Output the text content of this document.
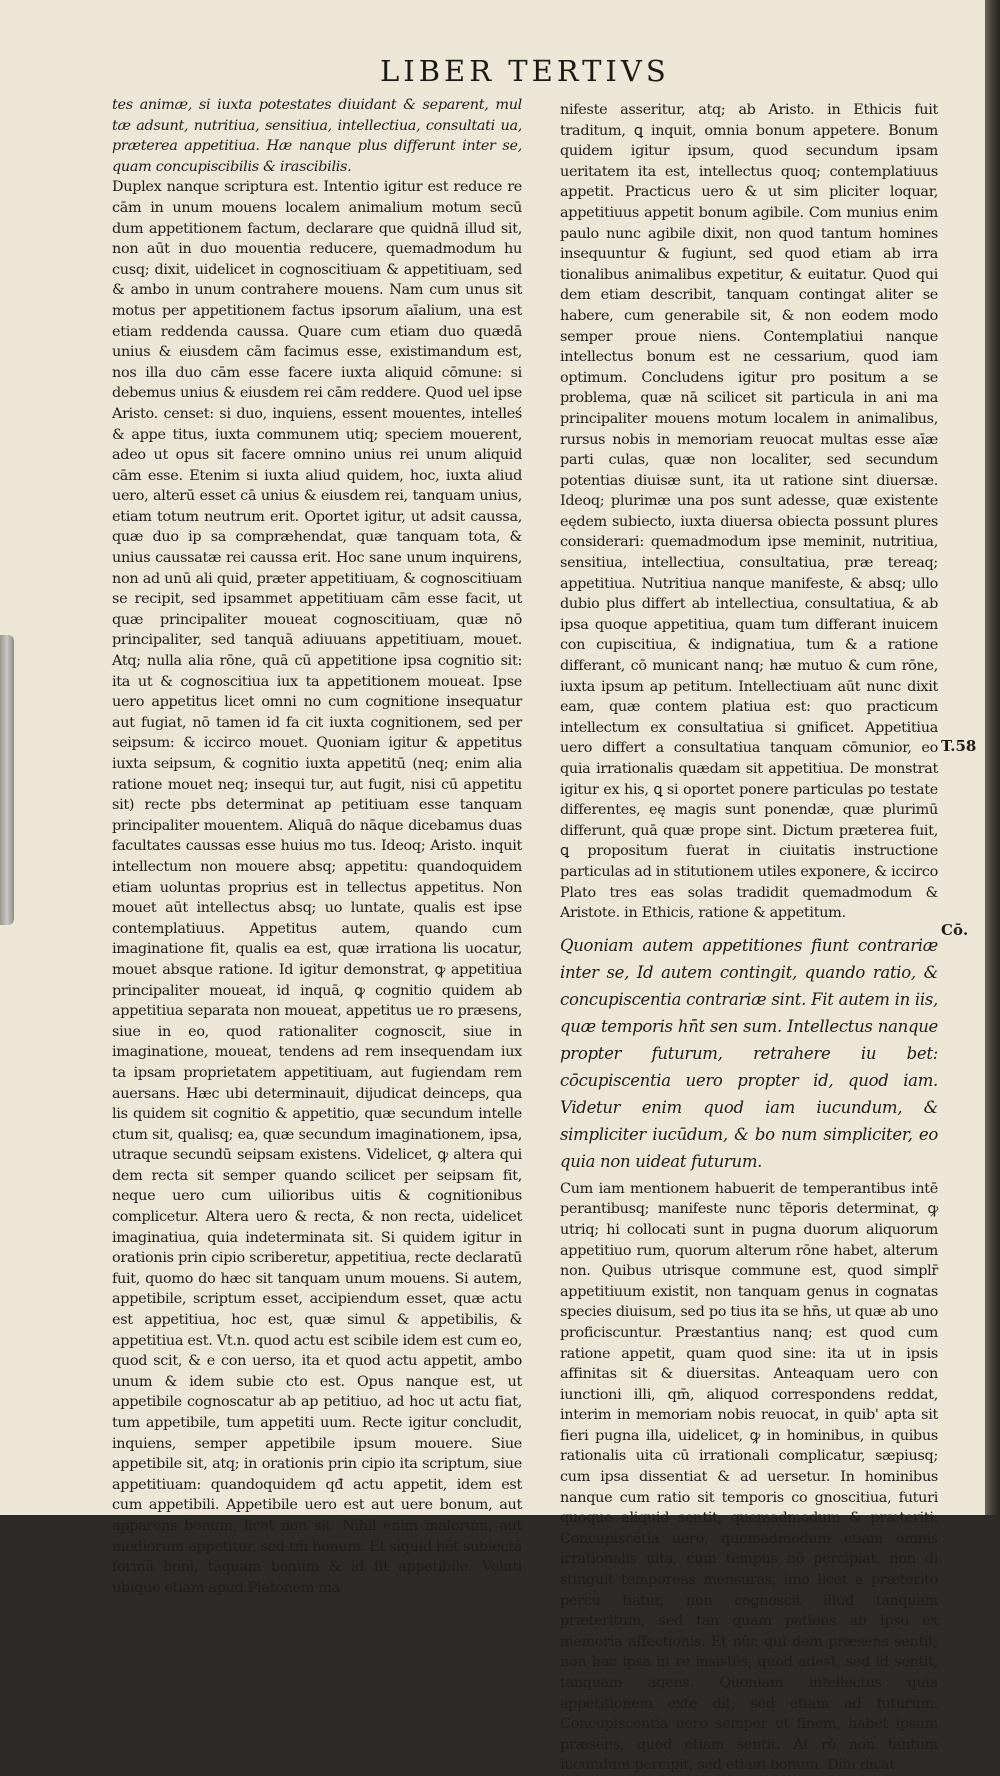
LIBER TERTIVS

tes animæ, si iuxta potestates diuidant & separent, mul tæ adsunt, nutritiua, sensitiua, intellectiua, consultati ua, præterea appetitiua. Hæ nanque plus differunt inter se, quam concupiscibilis & irascibilis.

Duplex nanque scriptura est. Intentio igitur est reduce re cām in unum mouens localem animalium motum secū dum appetitionem factum, declarare que quidnā illud sit, non aūt in duo mouentia reducere, quemadmodum hu cusq; dixit, uidelicet in cognoscitiuam & appetitiuam, sed & ambo in unum contrahere mouens. Nam cum unus sit motus per appetitionem factus ipsorum aīalium, una est etiam reddenda caussa. Quare cum etiam duo quædā unius & eiusdem cām facimus esse, existimandum est, nos illa duo cām esse facere iuxta aliquid cōmune: si debemus unius & eiusdem rei cām reddere. Quod uel ipse Aristo. censet: si duo, inquiens, essent mouentes, intelleś & appe titus, iuxta communem utiq; speciem mouerent, adeo ut opus sit facere omnino unius rei unum aliquid cām esse. Etenim si iuxta aliud quidem, hoc, iuxta aliud uero, alterū esset cā unius & eiusdem rei, tanquam unius, etiam totum neutrum erit. Oportet igitur, ut adsit caussa, quæ duo ip sa compræhendat, quæ tanquam tota, & unius caussatæ rei caussa erit. Hoc sane unum inquirens, non ad unū ali quid, præter appetitiuam, & cognoscitiuam se recipit, sed ipsammet appetitiuam cām esse facit, ut quæ principaliter moueat cognoscitiuam, quæ nō principaliter, sed tanquā adiuuans appetitiuam, mouet. Atq; nulla alia rōne, quā cū appetitione ipsa cognitio sit: ita ut & cognoscitiua iux ta appetitionem moueat. Ipse uero appetitus licet omni no cum cognitione insequatur aut fugiat, nō tamen id fa cit iuxta cognitionem, sed per seipsum: & iccirco mouet. Quoniam igitur & appetitus iuxta seipsum, & cognitio iuxta appetitū (neq; enim alia ratione mouet neq; insequi tur, aut fugit, nisi cū appetitu sit) recte pbs determinat ap petitiuam esse tanquam principaliter mouentem. Aliquā do nāque dicebamus duas facultates caussas esse huius mo tus. Ideoq; Aristo. inquit intellectum non mouere absq; appetitu: quandoquidem etiam uoluntas proprius est in tellectus appetitus. Non mouet aūt intellectus absq; uo luntate, qualis est ipse contemplatiuus. Appetitus autem, quando cum imaginatione fit, qualis ea est, quæ irrationa lis uocatur, mouet absque ratione. Id igitur demonstrat, ꝙ appetitiua principaliter moueat, id inquā, ꝙ cognitio quidem ab appetitiua separata non moueat, appetitus ue ro præsens, siue in eo, quod rationaliter cognoscit, siue in imaginatione, moueat, tendens ad rem insequendam iux ta ipsam proprietatem appetitiuam, aut fugiendam rem auersans. Hæc ubi determinauit, dijudicat deinceps, qua lis quidem sit cognitio & appetitio, quæ secundum intelle ctum sit, qualisq; ea, quæ secundum imaginationem, ipsa, utraque secundū seipsam existens. Videlicet, ꝙ altera qui dem recta sit semper quando scilicet per seipsam fit, neque uero cum uilioribus uitis & cognitionibus complicetur. Altera uero & recta, & non recta, uidelicet imaginatiua, quia indeterminata sit. Si quidem igitur in orationis prin cipio scriberetur, appetitiua, recte declaratū fuit, quomo do hæc sit tanquam unum mouens. Si autem, appetibile, scriptum esset, accipiendum esset, quæ actu est appetitiua, hoc est, quæ simul & appetibilis, & appetitiua est. Vt.n. quod actu est scibile idem est cum eo, quod scit, & e con uerso, ita et quod actu appetit, ambo unum & idem subie cto est. Opus nanque est, ut appetibile cognoscatur ab ap petitiuo, ad hoc ut actu fiat, tum appetibile, tum appetiti uum. Recte igitur concludit, inquiens, semper appetibile ipsum mouere. Siue appetibile sit, atq; in orationis prin cipio ita scriptum, siue appetitiuam: quandoquidem qđ actu appetit, idem est cum appetibili. Appetibile uero est aut uere bonum, aut apparens bonum, licet non sit. Nihil enim malorum, aut mediorum appetitur, sed tm̄ bonum. Et siquid hēt subiectā formā boni, tāquam bonum & id fit appetibile. Veluti ubique etiam apud Platonem ma

nifeste asseritur, atq; ab Aristo. in Ethicis fuit traditum, ꝗ inquit, omnia bonum appetere. Bonum quidem igitur ipsum, quod secundum ipsam ueritatem ita est, intellectus quoq; contemplatiuus appetit. Practicus uero & ut sim pliciter loquar, appetitiuus appetit bonum agibile. Com munius enim paulo nunc agibile dixit, non quod tantum homines insequuntur & fugiunt, sed quod etiam ab irra tionalibus animalibus expetitur, & euitatur. Quod qui dem etiam describit, tanquam contingat aliter se habere, cum generabile sit, & non eodem modo semper proue niens. Contemplatiui nanque intellectus bonum est ne cessarium, quod iam optimum. Concludens igitur pro positum a se problema, quæ nā scilicet sit particula in ani ma principaliter mouens motum localem in animalibus, rursus nobis in memoriam reuocat multas esse aīæ parti culas, quæ non localiter, sed secundum potentias diuisæ sunt, ita ut ratione sint diuersæ. Ideoq; plurimæ una pos sunt adesse, quæ existente eędem subiecto, iuxta diuersa obiecta possunt plures considerari: quemadmodum ipse meminit, nutritiua, sensitiua, intellectiua, consultatiua, præ tereaq; appetitiua. Nutritiua nanque manifeste, & absq; ullo dubio plus differt ab intellectiua, consultatiua, & ab ipsa quoque appetitiua, quam tum differant inuicem con cupiscitiua, & indignatiua, tum & a ratione differant, cō municant nanq; hæ mutuo & cum rōne, iuxta ipsum ap petitum. Intellectiuam aūt nunc dixit eam, quæ contem platiua est: quo practicum intellectum ex consultatiua si gnificet. Appetitiua uero differt a consultatiua tanquam cōmunior, eo quia irrationalis quædam sit appetitiua. De monstrat igitur ex his, ꝗ si oportet ponere particulas po testate differentes, eę magis sunt ponendæ, quæ plurimū differunt, quā quæ prope sint. Dictum præterea fuit, ꝗ propositum fuerat in ciuitatis instructione particulas ad in stitutionem utiles exponere, & iccirco Plato tres eas solas tradidit quemadmodum & Aristote. in Ethicis, ratione & appetitum.

Quoniam autem appetitiones fiunt contrariæ inter se, Id autem contingit, quando ratio, & concupiscentia contrariæ sint. Fit autem in iis, quæ temporis hn̄t sen sum. Intellectus nanque propter futurum, retrahere iu bet: cōcupiscentia uero propter id, quod iam. Videtur enim quod iam iucundum, & simpliciter iucūdum, & bo num simpliciter, eo quia non uideat futurum.

Cum iam mentionem habuerit de temperantibus intē perantibusq; manifeste nunc tēporis determinat, ꝙ utriq; hi collocati sunt in pugna duorum aliquorum appetitiuo rum, quorum alterum rōne habet, alterum non. Quibus utrisque commune est, quod simplr̄ appetitiuum existit, non tanquam genus in cognatas species diuisum, sed po tius ita se hn̄s, ut quæ ab uno proficiscuntur. Præstantius nanq; est quod cum ratione appetit, quam quod sine: ita ut in ipsis affinitas sit & diuersitas. Anteaquam uero con iunctioni illi, qm̄, aliquod correspondens reddat, interim in memoriam nobis reuocat, in quib' apta sit fieri pugna illa, uidelicet, ꝙ in hominibus, in quibus rationalis uita cū irrationali complicatur, sæpiusq; cum ipsa dissentiat & ad uersetur. In hominibus nanque cum ratio sit temporis co gnoscitiua, futuri quoque aliquid sentit, quemadmodum & præteriti. Concupiscētia uero, quemadmodum etiam omnis irrationalis uita, cum tempus nō percipiat, non di stinguit temporeas mensuras, imo licet a præterito percu tiatur, non cognoscit illud tanquam præteritum, sed tan quam patiens ab ipso ex memoria affectionis. Et nūc qui dem præsens sentit, non hac ipsa in re insistēs, quod adest, sed id sentit, tanquam agens. Quoniam intellectus quia appetitionem exte dit, sed etiam ad futurum. Concupiscentia uero semper ut finem, habet ipsum præsens, quod etiam sentit. At rō non tantum iucundum percipit, sed etiam bonum. Diiu dicat

T.58
Cō.
